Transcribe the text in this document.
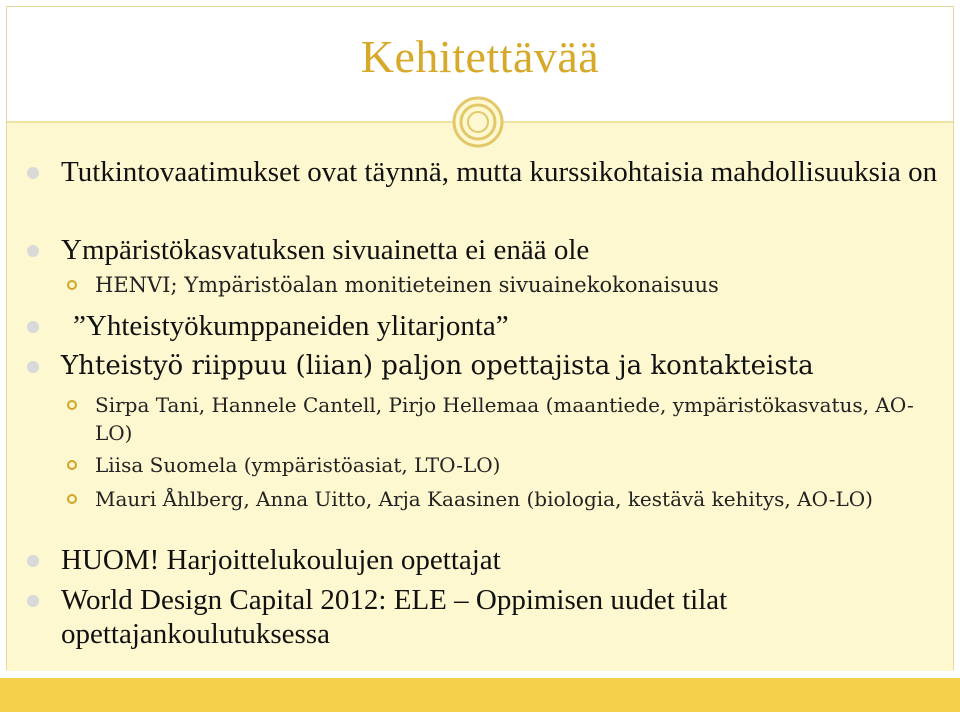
Tutkintovaatimukset ovat täynnä, mutta kurssikohtaisia mahdollisuuksia on
Ympäristökasvatuksen sivuainetta ei enää ole
HENVI; Ympäristöalan monitieteinen sivuainekokonaisuus
”Yhteistyökumppaneiden ylitarjonta”
Yhteistyö riippuu (liian) paljon opettajista ja kontakteista
Sirpa Tani, Hannele Cantell, Pirjo Hellemaa (maantiede, ympäristökasvatus, AO-LO)
Liisa Suomela (ympäristöasiat, LTO-LO)
Mauri Åhlberg, Anna Uitto, Arja Kaasinen (biologia, kestävä kehitys, AO-LO)
HUOM! Harjoittelukoulujen opettajat
World Design Capital 2012: ELE – Oppimisen uudet tilat opettajankoulutuksessa
Kehitettävää
